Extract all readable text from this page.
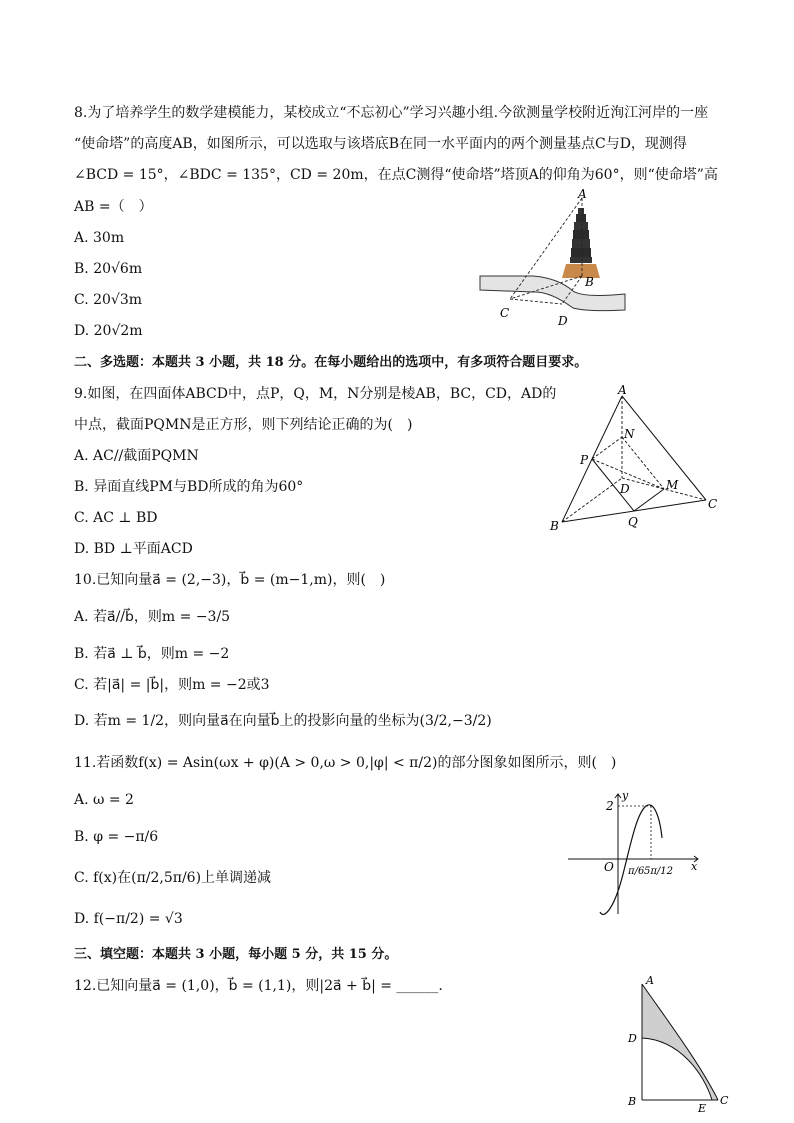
8.为了培养学生的数学建模能力，某校成立“不忘初心”学习兴趣小组.今欲测量学校附近洵江河岸的一座
“使命塔”的高度AB，如图所示，可以选取与该塔底B在同一水平面内的两个测量基点C与D，现测得
∠BCD = 15°，∠BDC = 135°，CD = 20m，在点C测得“使命塔”塔顶A的仰角为60°，则“使命塔”高
AB =（　）
A. 30m
B. 20√6m
C. 20√3m
D. 20√2m
A
B
C
D
二、多选题：本题共 3 小题，共 18 分。在每小题给出的选项中，有多项符合题目要求。
9.如图，在四面体ABCD中，点P，Q，M，N分别是棱AB，BC，CD，AD的
中点，截面PQMN是正方形，则下列结论正确的为(　)
A. AC//截面PQMN
B. 异面直线PM与BD所成的角为60°
C. AC ⊥ BD
D. BD ⊥平面ACD
A
B
C
D
P
Q
M
N
10.已知向量a⃗ = (2,−3)，b⃗ = (m−1,m)，则(　)
A. 若a⃗//b⃗，则m = −3/5
B. 若a⃗ ⊥ b⃗，则m = −2
C. 若|a⃗| = |b⃗|，则m = −2或3
D. 若m = 1/2，则向量a⃗在向量b⃗上的投影向量的坐标为(3/2,−3/2)
11.若函数f(x) = Asin(ωx + φ)(A > 0,ω > 0,|φ| < π/2)的部分图象如图所示，则(　)
A. ω = 2
B. φ = −π/6
C. f(x)在(π/2,5π/6)上单调递减
D. f(−π/2) = √3
y
x
O
2
π/6 5π/12
三、填空题：本题共 3 小题，每小题 5 分，共 15 分。
12.已知向量a⃗ = (1,0)，b⃗ = (1,1)，则|2a⃗ + b⃗| = ______.	A
D
B
E
C
